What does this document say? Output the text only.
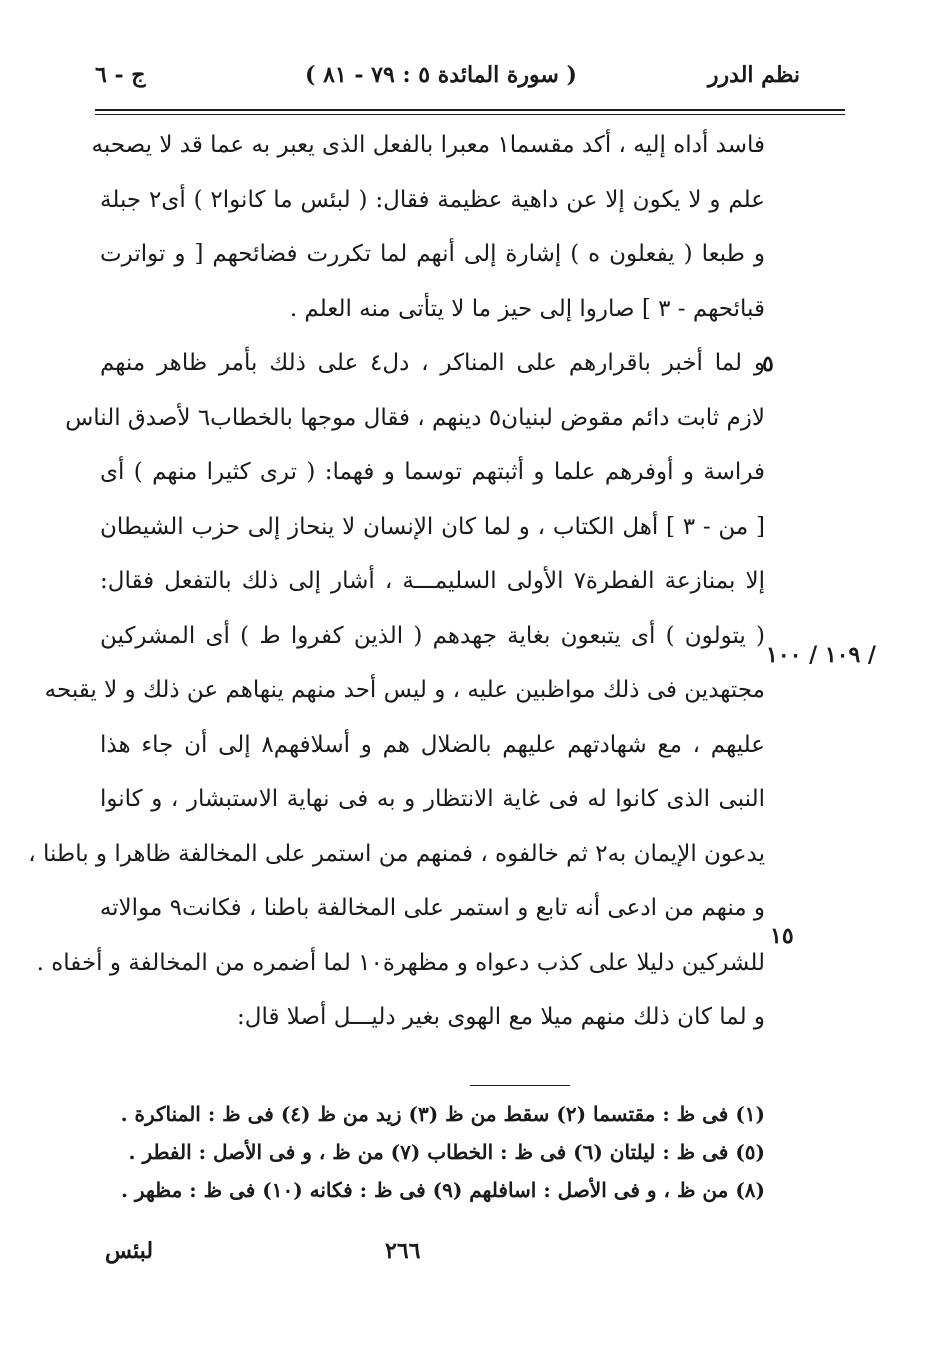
نظم الدرر
( سورة المائدة ٥ : ٧٩ - ٨١ )
ج - ٦
٥
١٠٩ / ١٠٠ /
١٥
فاسد أداه إليه ، أكد مقسما١ معبرا بالفعل الذى يعبر به عما قد لا يصحبه
علم و لا يكون إلا عن داهية عظيمة فقال: ( لبئس ما كانوا٢ ) أى٢ جبلة
و طبعا ( يفعلون ه ) إشارة إلى أنهم لما تكررت فضائحهم [ و تواترت
قبائحهم - ٣ ] صاروا إلى حيز ما لا يتأتى منه العلم .
و لما أخبر باقرارهم على المناكر ، دل٤ على ذلك بأمر ظاهر منهم
لازم ثابت دائم مقوض لبنيان٥ دينهم ، فقال موجها بالخطاب٦ لأصدق الناس
فراسة و أوفرهم علما و أثبتهم توسما و فهما: ( ترى كثيرا منهم ) أى
[ من - ٣ ] أهل الكتاب ، و لما كان الإنسان لا ينحاز إلى حزب الشيطان
إلا بمنازعة الفطرة٧ الأولى السليمـــة ، أشار إلى ذلك بالتفعل فقال:
( يتولون ) أى يتبعون بغاية جهدهم ( الذين كفروا ط ) أى المشركين
مجتهدين فى ذلك مواظبين عليه ، و ليس أحد منهم ينهاهم عن ذلك و لا يقبحه
عليهم ، مع شهادتهم عليهم بالضلال هم و أسلافهم٨ إلى أن جاء هذا
النبى الذى كانوا له فى غاية الانتظار و به فى نهاية الاستبشار ، و كانوا
يدعون الإيمان به٢ ثم خالفوه ، فمنهم من استمر على المخالفة ظاهرا و باطنا ،
و منهم من ادعى أنه تابع و استمر على المخالفة باطنا ، فكانت٩ موالاته
للشركين دليلا على كذب دعواه و مظهرة١٠ لما أضمره من المخالفة و أخفاه .
و لما كان ذلك منهم ميلا مع الهوى بغير دليـــل أصلا قال:
(١) فى ظ : مقتسما (٢) سقط من ظ (٣) زيد من ظ (٤) فى ظ : المناكرة .
(٥) فى ظ : ليلتان (٦) فى ظ : الخطاب (٧) من ظ ، و فى الأصل : الفطر .
(٨) من ظ ، و فى الأصل : اسافلهم (٩) فى ظ : فكانه (١٠) فى ظ : مظهر .
لبئس	٢٦٦
